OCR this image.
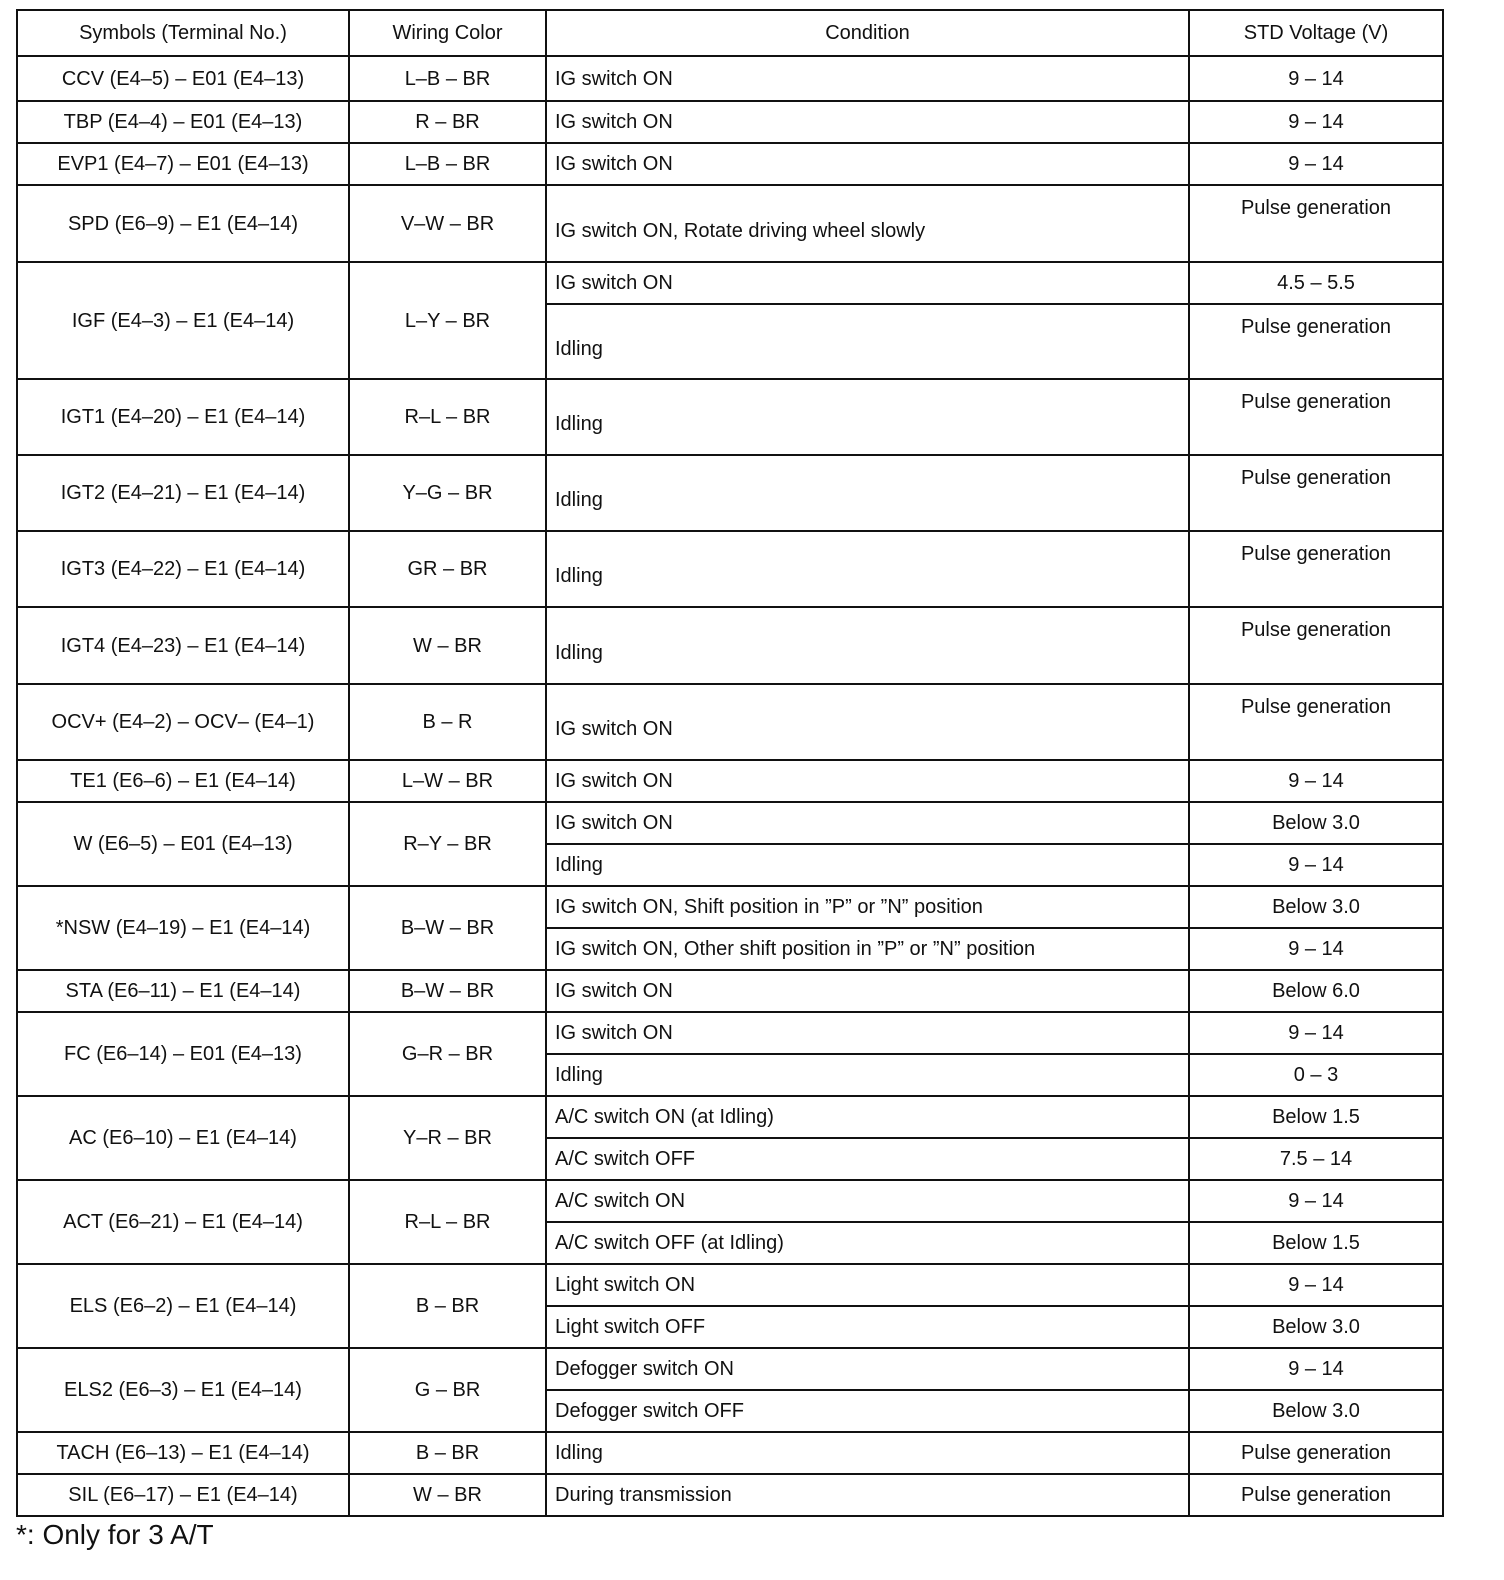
Symbols (Terminal No.)	Wiring Color	Condition	STD Voltage (V)
CCV (E4–5) – E01 (E4–13)	L–B – BR	IG switch ON	9 – 14
TBP (E4–4) – E01 (E4–13)	R – BR	IG switch ON	9 – 14
EVP1 (E4–7) – E01 (E4–13)	L–B – BR	IG switch ON	9 – 14
SPD (E6–9) – E1 (E4–14)	V–W – BR	IG switch ON, Rotate driving wheel slowly	Pulse generation
IGF (E4–3) – E1 (E4–14)	L–Y – BR	IG switch ON	4.5 – 5.5
		Idling	Pulse generation
IGT1 (E4–20) – E1 (E4–14)	R–L – BR	Idling	Pulse generation
IGT2 (E4–21) – E1 (E4–14)	Y–G – BR	Idling	Pulse generation
IGT3 (E4–22) – E1 (E4–14)	GR – BR	Idling	Pulse generation
IGT4 (E4–23) – E1 (E4–14)	W – BR	Idling	Pulse generation
OCV+ (E4–2) – OCV– (E4–1)	B – R	IG switch ON	Pulse generation
TE1 (E6–6) – E1 (E4–14)	L–W – BR	IG switch ON	9 – 14
W (E6–5) – E01 (E4–13)	R–Y – BR	IG switch ON	Below 3.0
		Idling	9 – 14
*NSW (E4–19) – E1 (E4–14)	B–W – BR	IG switch ON, Shift position in ”P” or ”N” position	Below 3.0
		IG switch ON, Other shift position in ”P” or ”N” position	9 – 14
STA (E6–11) – E1 (E4–14)	B–W – BR	IG switch ON	Below 6.0
FC (E6–14) – E01 (E4–13)	G–R – BR	IG switch ON	9 – 14
		Idling	0 – 3
AC (E6–10) – E1 (E4–14)	Y–R – BR	A/C switch ON (at Idling)	Below 1.5
		A/C switch OFF	7.5 – 14
ACT (E6–21) – E1 (E4–14)	R–L – BR	A/C switch ON	9 – 14
		A/C switch OFF (at Idling)	Below 1.5
ELS (E6–2) – E1 (E4–14)	B – BR	Light switch ON	9 – 14
		Light switch OFF	Below 3.0
ELS2 (E6–3) – E1 (E4–14)	G – BR	Defogger switch ON	9 – 14
		Defogger switch OFF	Below 3.0
TACH (E6–13) – E1 (E4–14)	B – BR	Idling	Pulse generation
SIL (E6–17) – E1 (E4–14)	W – BR	During transmission	Pulse generation
*: Only for 3 A/T
